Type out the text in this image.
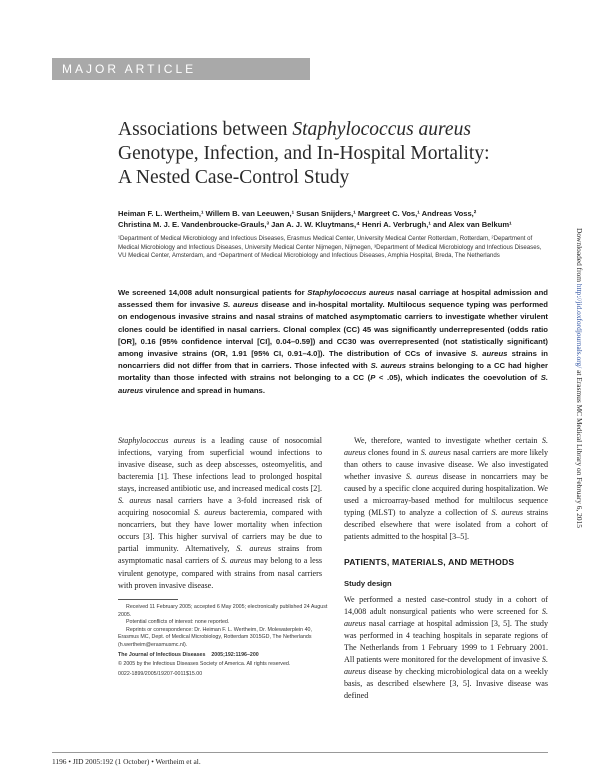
MAJOR ARTICLE
Associations between Staphylococcus aureus
Genotype, Infection, and In-Hospital Mortality:
A Nested Case-Control Study
Heiman F. L. Wertheim,¹ Willem B. van Leeuwen,¹ Susan Snijders,¹ Margreet C. Vos,¹ Andreas Voss,²
Christina M. J. E. Vandenbroucke-Grauls,³ Jan A. J. W. Kluytmans,⁴ Henri A. Verbrugh,¹ and Alex van Belkum¹
¹Department of Medical Microbiology and Infectious Diseases, Erasmus Medical Center, University Medical Center Rotterdam, Rotterdam, ²Department of Medical Microbiology and Infectious Diseases, University Medical Center Nijmegen, Nijmegen, ³Department of Medical Microbiology and Infectious Diseases, VU Medical Center, Amsterdam, and ⁴Department of Medical Microbiology and Infectious Diseases, Amphia Hospital, Breda, The Netherlands
We screened 14,008 adult nonsurgical patients for Staphylococcus aureus nasal carriage at hospital admission and assessed them for invasive S. aureus disease and in-hospital mortality. Multilocus sequence typing was performed on endogenous invasive strains and nasal strains of matched asymptomatic carriers to investigate whether virulent clones could be identified in nasal carriers. Clonal complex (CC) 45 was significantly underrepresented (odds ratio [OR], 0.16 [95% confidence interval [CI], 0.04–0.59]) and CC30 was overrepresented (not statistically significant) among invasive strains (OR, 1.91 [95% CI, 0.91–4.0]). The distribution of CCs of invasive S. aureus strains in noncarriers did not differ from that in carriers. Those infected with S. aureus strains belonging to a CC had higher mortality than those infected with strains not belonging to a CC (P < .05), which indicates the coevolution of S. aureus virulence and spread in humans.

Staphylococcus aureus is a leading cause of nosocomial infections, varying from superficial wound infections to invasive disease, such as deep abscesses, osteomyelitis, and bacteremia [1]. These infections lead to prolonged hospital stays, increased antibiotic use, and increased medical costs [2]. S. aureus nasal carriers have a 3-fold increased risk of acquiring nosocomial S. aureus bacteremia, compared with noncarriers, but they have lower mortality when infection occurs [3]. This higher survival of carriers may be due to partial immunity. Alternatively, S. aureus strains from asymptomatic nasal carriers of S. aureus may belong to a less virulent genotype, compared with strains from nasal carriers with proven invasive disease.

We, therefore, wanted to investigate whether certain S. aureus clones found in S. aureus nasal carriers are more likely than others to cause invasive disease. We also investigated whether invasive S. aureus disease in noncarriers may be caused by a specific clone acquired during hospitalization. We used a microarray-based method for multilocus sequence typing (MLST) to analyze a collection of S. aureus strains described elsewhere that were isolated from a cohort of patients admitted to the hospital [3–5].

PATIENTS, MATERIALS, AND METHODS
Study design

We performed a nested case-control study in a cohort of 14,008 adult nonsurgical patients who were screened for S. aureus nasal carriage at hospital admission [3, 5]. The study was performed in 4 teaching hospitals in separate regions of The Netherlands from 1 February 1999 to 1 February 2001. All patients were monitored for the development of invasive S. aureus disease by checking microbiological data on a weekly basis, as described elsewhere [3, 5]. Invasive disease was defined

Received 11 February 2005; accepted 6 May 2005; electronically published 24 August 2005.

Potential conflicts of interest: none reported.

Reprints or correspondence: Dr. Heiman F. L. Wertheim, Dr. Molewaterplein 40, Erasmus MC, Dept. of Medical Microbiology, Rotterdam 3015GD, The Netherlands (h.wertheim@erasmusmc.nl).

The Journal of Infectious Diseases 2005;192:1196–200

© 2005 by the Infectious Diseases Society of America. All rights reserved.

0022-1899/2005/19207-0011$15.00

1196 • JID 2005:192 (1 October) • Wertheim et al.
Downloaded from http://jid.oxfordjournals.org/ at Erasmus MC Medical Library on February 6, 2015
